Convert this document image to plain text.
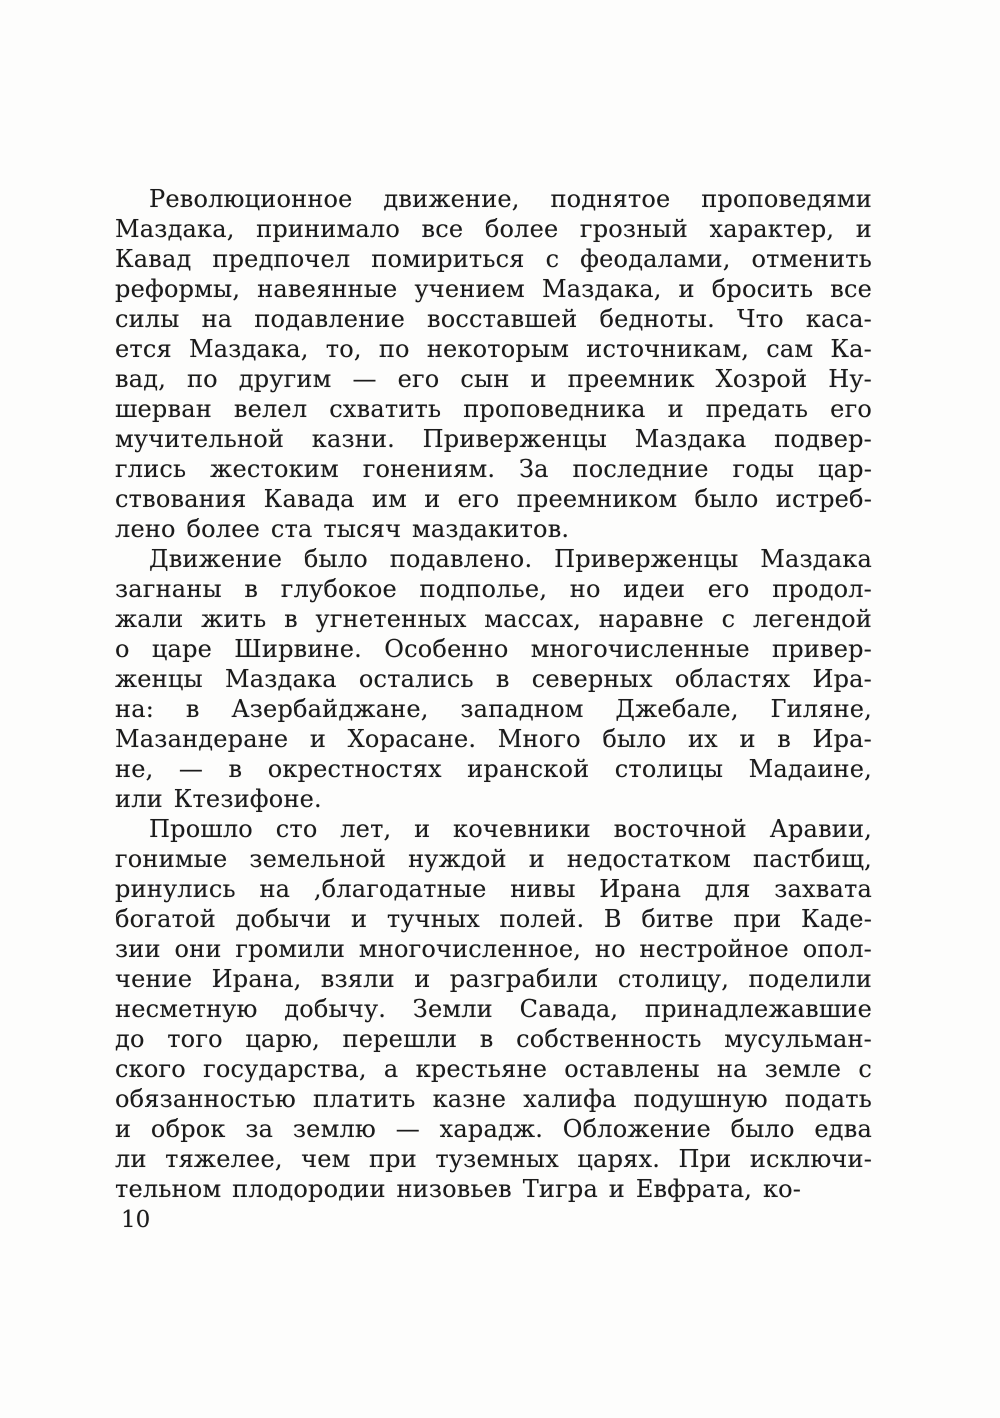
Революционное движение, поднятое проповедями
Маздака, принимало все более грозный характер, и
Кавад предпочел помириться с феодалами, отменить
реформы, навеянные учением Маздака, и бросить все
силы на подавление восставшей бедноты. Что каса-
ется Маздака, то, по некоторым источникам, сам Ка-
вад, по другим — его сын и преемник Хозрой Ну-
шерван велел схватить проповедника и предать его
мучительной казни. Приверженцы Маздака подвер-
глись жестоким гонениям. За последние годы цар-
ствования Кавада им и его преемником было истреб-
лено более ста тысяч маздакитов.
Движение было подавлено. Приверженцы Маздака
загнаны в глубокое подполье, но идеи его продол-
жали жить в угнетенных массах, наравне с легендой
о царе Ширвине. Особенно многочисленные привер-
женцы Маздака остались в северных областях Ира-
на: в Азербайджане, западном Джебале, Гиляне,
Мазандеране и Хорасане. Много было их и в Ира-
не, — в окрестностях иранской столицы Мадаине,
или Ктезифоне.
Прошло сто лет, и кочевники восточной Аравии,
гонимые земельной нуждой и недостатком пастбищ,
ринулись на ,благодатные нивы Ирана для захвата
богатой добычи и тучных полей. В битве при Каде-
зии они громили многочисленное, но нестройное опол-
чение Ирана, взяли и разграбили столицу, поделили
несметную добычу. Земли Савада, принадлежавшие
до того царю, перешли в собственность мусульман-
ского государства, а крестьяне оставлены на земле с
обязанностью платить казне халифа подушную подать
и оброк за землю — харадж. Обложение было едва
ли тяжелее, чем при туземных царях. При исключи-
тельном плодородии низовьев Тигра и Евфрата, ко-
10
